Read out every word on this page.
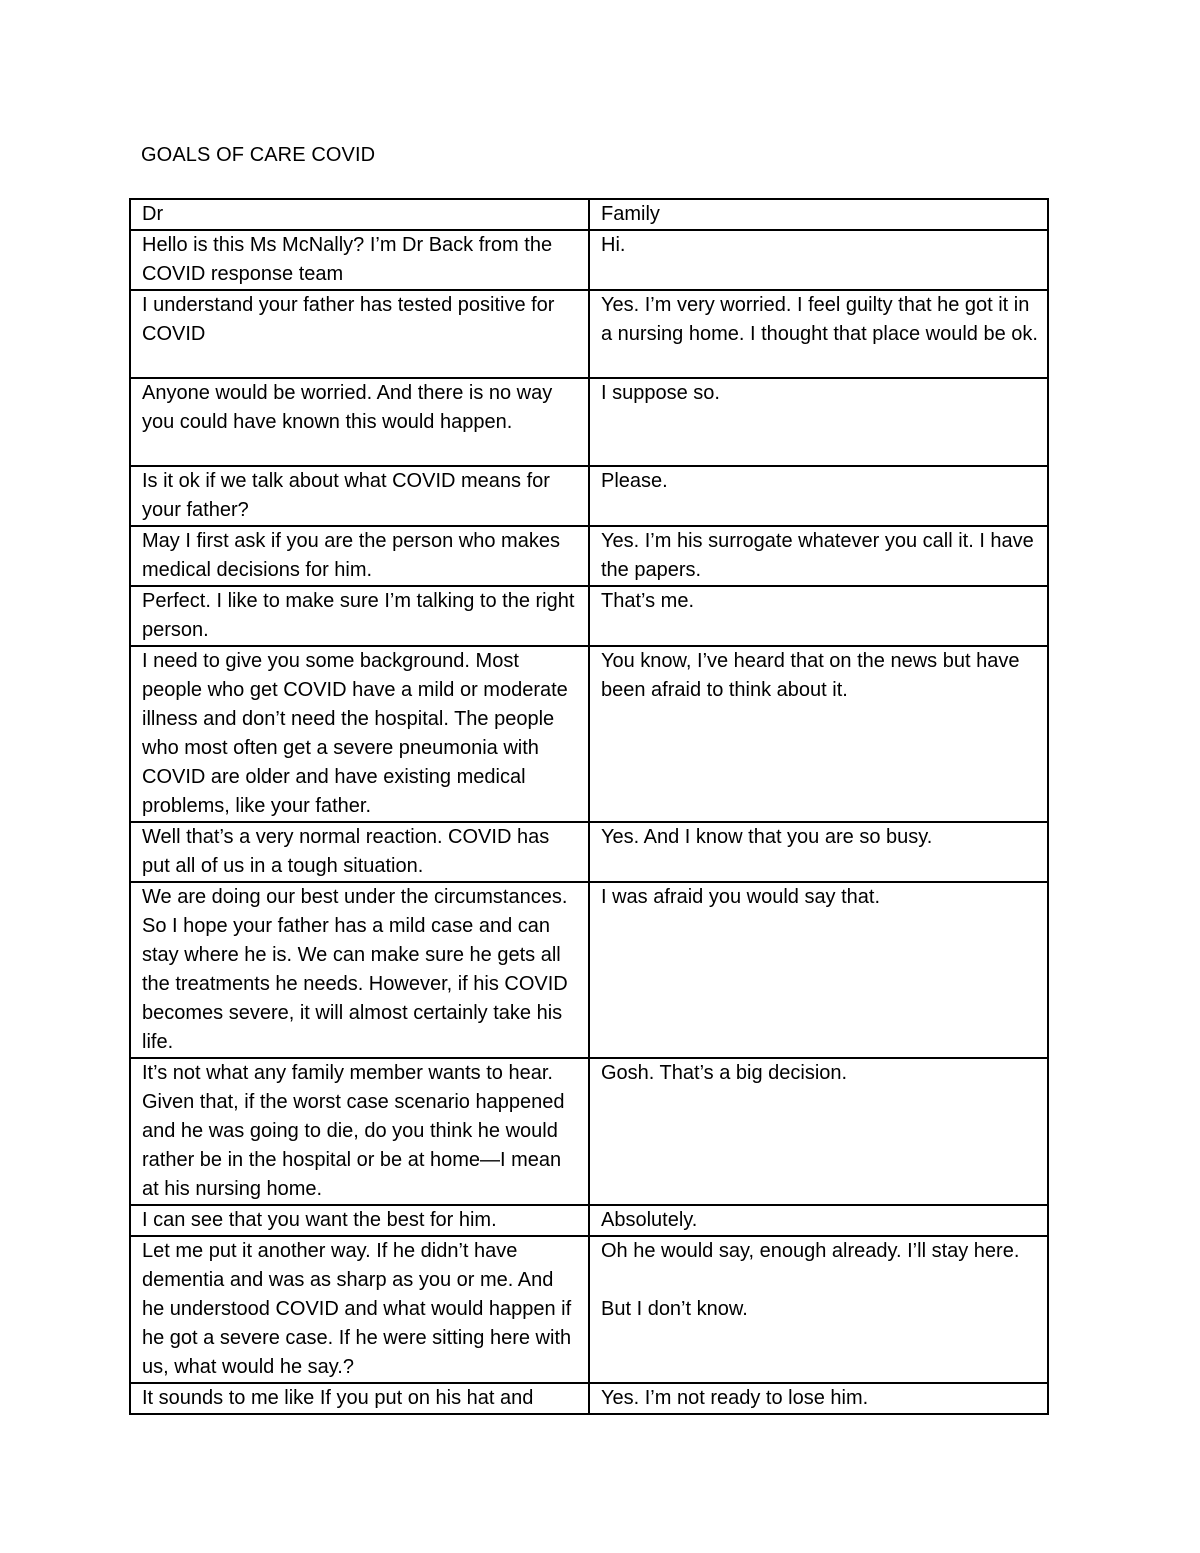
GOALS OF CARE COVID
Dr	Family
Hello is this Ms McNally? I’m Dr Back from the COVID response team	Hi.
I understand your father has tested positive for COVID	Yes. I’m very worried. I feel guilty that he got it in a nursing home. I thought that place would be ok.
Anyone would be worried. And there is no way you could have known this would happen.	I suppose so.
Is it ok if we talk about what COVID means for your father?	Please.
May I first ask if you are the person who makes medical decisions for him.	Yes. I’m his surrogate whatever you call it. I have the papers.
Perfect. I like to make sure I’m talking to the right person.	That’s me.
I need to give you some background. Most people who get COVID have a mild or moderate illness and don’t need the hospital. The people who most often get a severe pneumonia with COVID are older and have existing medical problems, like your father.	You know, I’ve heard that on the news but have been afraid to think about it.
Well that’s a very normal reaction. COVID has put all of us in a tough situation.	Yes. And I know that you are so busy.
We are doing our best under the circumstances. So I hope your father has a mild case and can stay where he is. We can make sure he gets all the treatments he needs. However, if his COVID becomes severe, it will almost certainly take his life.	I was afraid you would say that.
It’s not what any family member wants to hear. Given that, if the worst case scenario happened and he was going to die, do you think he would rather be in the hospital or be at home—I mean at his nursing home.	Gosh. That’s a big decision.
I can see that you want the best for him.	Absolutely.
Let me put it another way. If he didn’t have dementia and was as sharp as you or me. And he understood COVID and what would happen if he got a severe case. If he were sitting here with us, what would he say.?	Oh he would say, enough already. I’ll stay here.

But I don’t know.
It sounds to me like If you put on his hat and	Yes. I’m not ready to lose him.
